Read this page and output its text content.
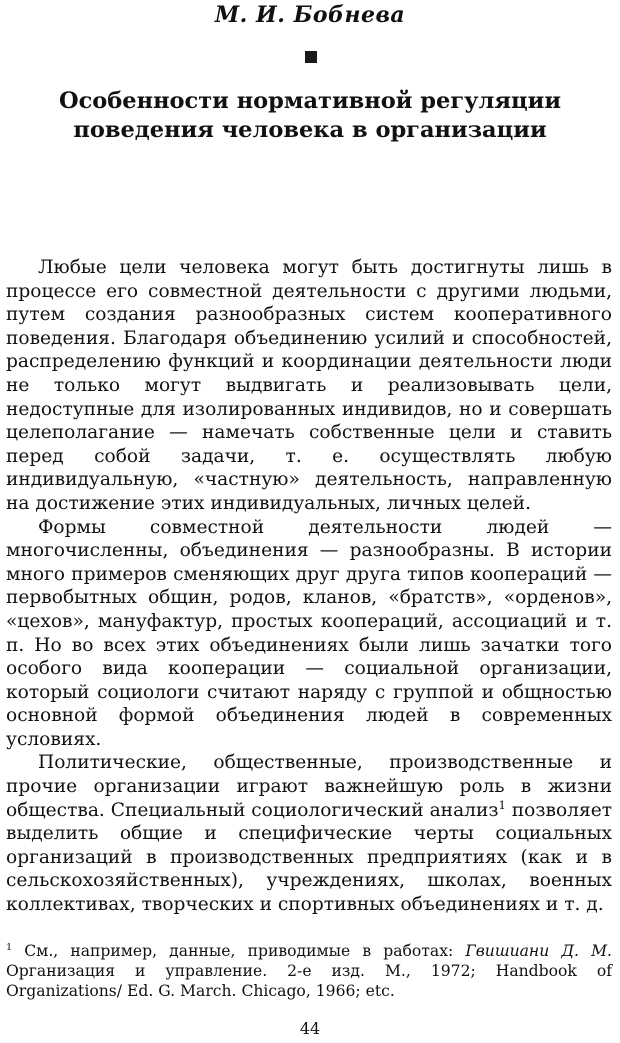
М. И. Бобнева
Особенности нормативной регуляции
поведения человека в организации

Любые цели человека могут быть достигнуты лишь в процессе его совместной деятельности с другими людьми, путем создания разнообразных систем кооперативного поведения. Благодаря объединению усилий и способностей, распределению функций и координации деятельности люди не только могут выдвигать и реализовывать цели, недоступные для изолированных индивидов, но и совершать целеполагание — намечать собственные цели и ставить перед собой задачи, т. е. осуществлять любую индивидуальную, «частную» деятельность, направленную на достижение этих индивидуальных, личных целей.

Формы совместной деятельности людей — многочисленны, объединения — разнообразны. В истории много примеров сменяющих друг друга типов коопераций — первобытных общин, родов, кланов, «братств», «орденов», «цехов», мануфактур, простых коопераций, ассоциаций и т. п. Но во всех этих объединениях были лишь зачатки того особого вида кооперации — социальной организации, который социологи считают наряду с группой и общностью основной формой объединения людей в современных условиях.

Политические, общественные, производственные и прочие организации играют важнейшую роль в жизни общества. Специальный социологический анализ$^1$ позволяет выделить общие и специфические черты социальных организаций в производственных предприятиях (как и в сельскохозяйственных), учреждениях, школах, военных коллективах, творческих и спортивных объединениях и т. д.

$^1$ См., например, данные, приводимые в работах: Гвишиани Д. М. Организация и управление. 2-е изд. М., 1972; Handbook of Organizations/ Ed. G. March. Chicago, 1966; etc.
44
